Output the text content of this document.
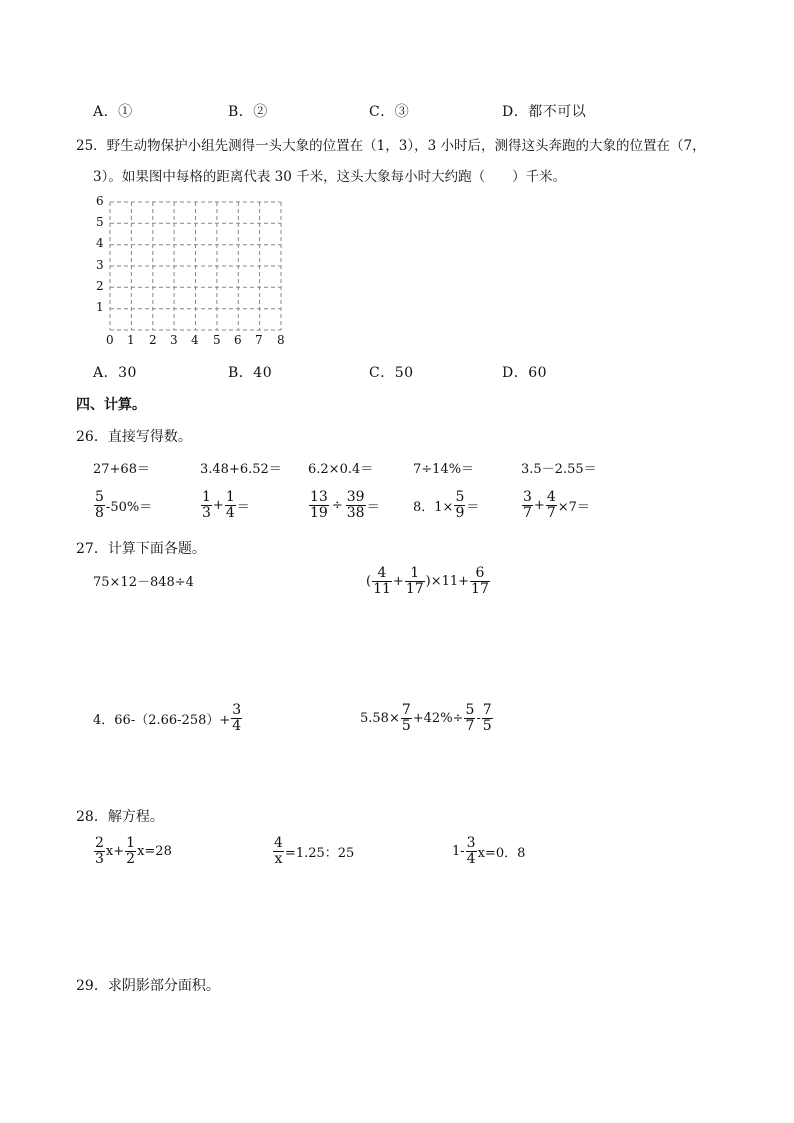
A．①	B．②	C．③	D．都不可以
25．野生动物保护小组先测得一头大象的位置在（1，3），3 小时后，测得这头奔跑的大象的位置在（7，
3）。如果图中每格的距离代表 30 千米，这头大象每小时大约跑（　　）千米。
6
5
4
3
2
1
0 1 2 3 4 5 6 7 8
A．30	B．40	C．50	D．60
四、计算。
26．直接写得数。
27+68＝	3.48+6.52＝ 6.2×0.4＝	7÷14%＝	3.5－2.55＝
$\frac{5}{8} -50\%=$	$\frac{1}{3} + \frac{1}{4}$ ＝	$\frac{13}{19} \div \frac{39}{38}$ ＝	8．$1\times \frac{5}{9}$ ＝	$\frac{3}{7} + \frac{4}{7} \times 7=$
27．计算下面各题。
75×12－848÷4	( $\frac{4}{11} + \frac{1}{17} )\times 11+ \frac{6}{17}$
4．$66-(2.66-258)+ \frac{3}{4}$	$5.58\times \frac{7}{5} +42\%\div \frac{5}{7} - \frac{7}{5}$
28．解方程。
$\frac{2}{3} x+ \frac{1}{2} x=28$	$\frac{4}{x} =1.25$：25	$1- \frac{3}{4} x=0$．8
29．求阴影部分面积。
